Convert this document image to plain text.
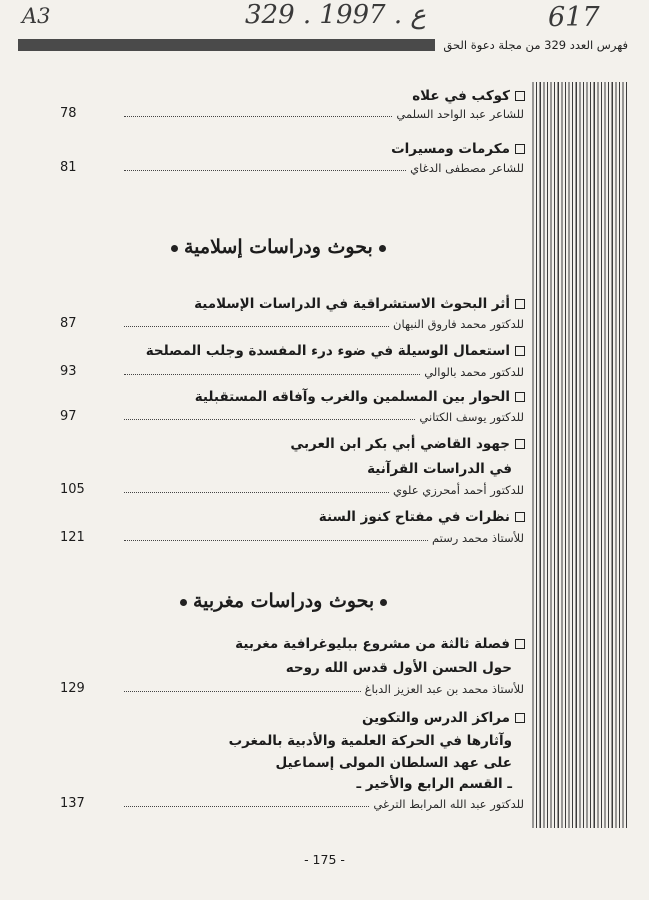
A3	329 . ع . 1997	617
فهرس العدد 329 من مجلة دعوة الحق
كوكب في علاه
للشاعر عبد الواحد السلمي
78
مكرمات ومسيرات
للشاعر مصطفى الدغاي
81
بحوث ودراسات إسلامية
أثر البحوث الاستشراقية في الدراسات الإسلامية
للدكتور محمد فاروق النبهان
87
استعمال الوسيلة في ضوء درء المفسدة وجلب المصلحة
للدكتور محمد بالوالي
93
الحوار بين المسلمين والغرب وآفاقه المستقبلية
للدكتور يوسف الكتاني
97
جهود القاضي أبي بكر ابن العربي
في الدراسات القرآنية
للدكتور أحمد أمحرزي علوي
105
نظرات في مفتاح كنوز السنة
للأستاذ محمد رستم
121
بحوث ودراسات مغربية
فصلة ثالثة من مشروع ببليوغرافية مغربية
حول الحسن الأول قدس الله روحه
للأستاذ محمد بن عبد العزيز الدباغ
129
مراكز الدرس والتكوين
وآثارها في الحركة العلمية والأدبية بالمغرب
على عهد السلطان المولى إسماعيل
ـ القسم الرابع والأخير ـ
للدكتور عبد الله المرابط الترغي
137
- 175 -
